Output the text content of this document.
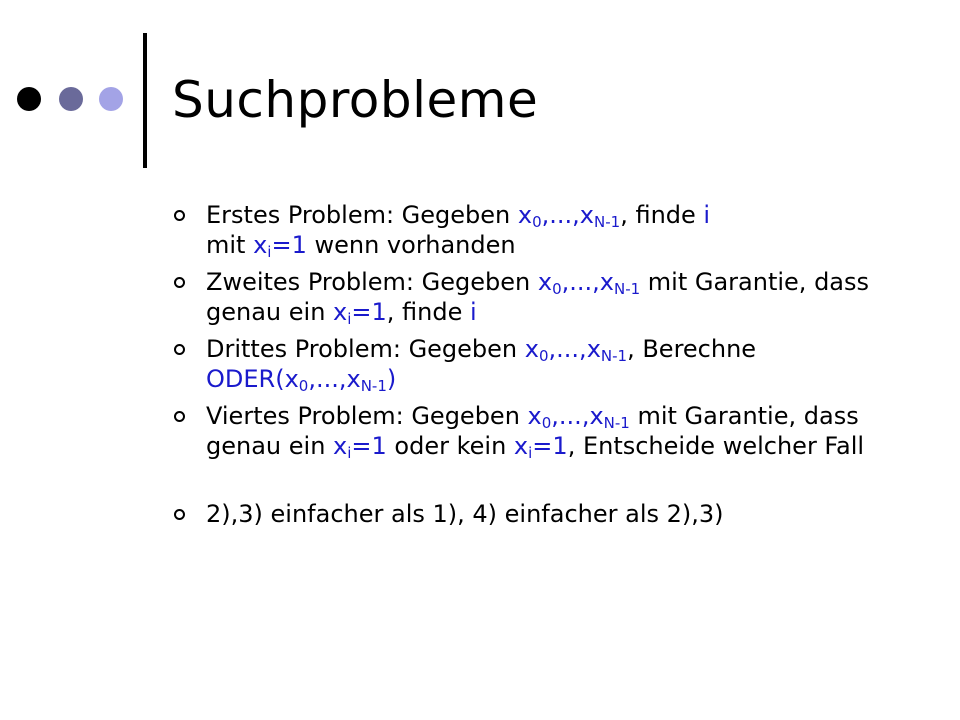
Suchprobleme
Erstes Problem: Gegeben $x_0,...,x_{N-1}$, finde i
mit $x_i=1$ wenn vorhanden
Zweites Problem: Gegeben $x_0,...,x_{N-1}$ mit Garantie, dass genau ein $x_i=1$, finde i
Drittes Problem: Gegeben $x_0,...,x_{N-1}$, Berechne
$ODER(x_0,...,x_{N-1})$
Viertes Problem: Gegeben $x_0,...,x_{N-1}$ mit Garantie, dass genau ein $x_i=1$ oder kein $x_i=1$, Entscheide welcher Fall
2),3) einfacher als 1), 4) einfacher als 2),3)
